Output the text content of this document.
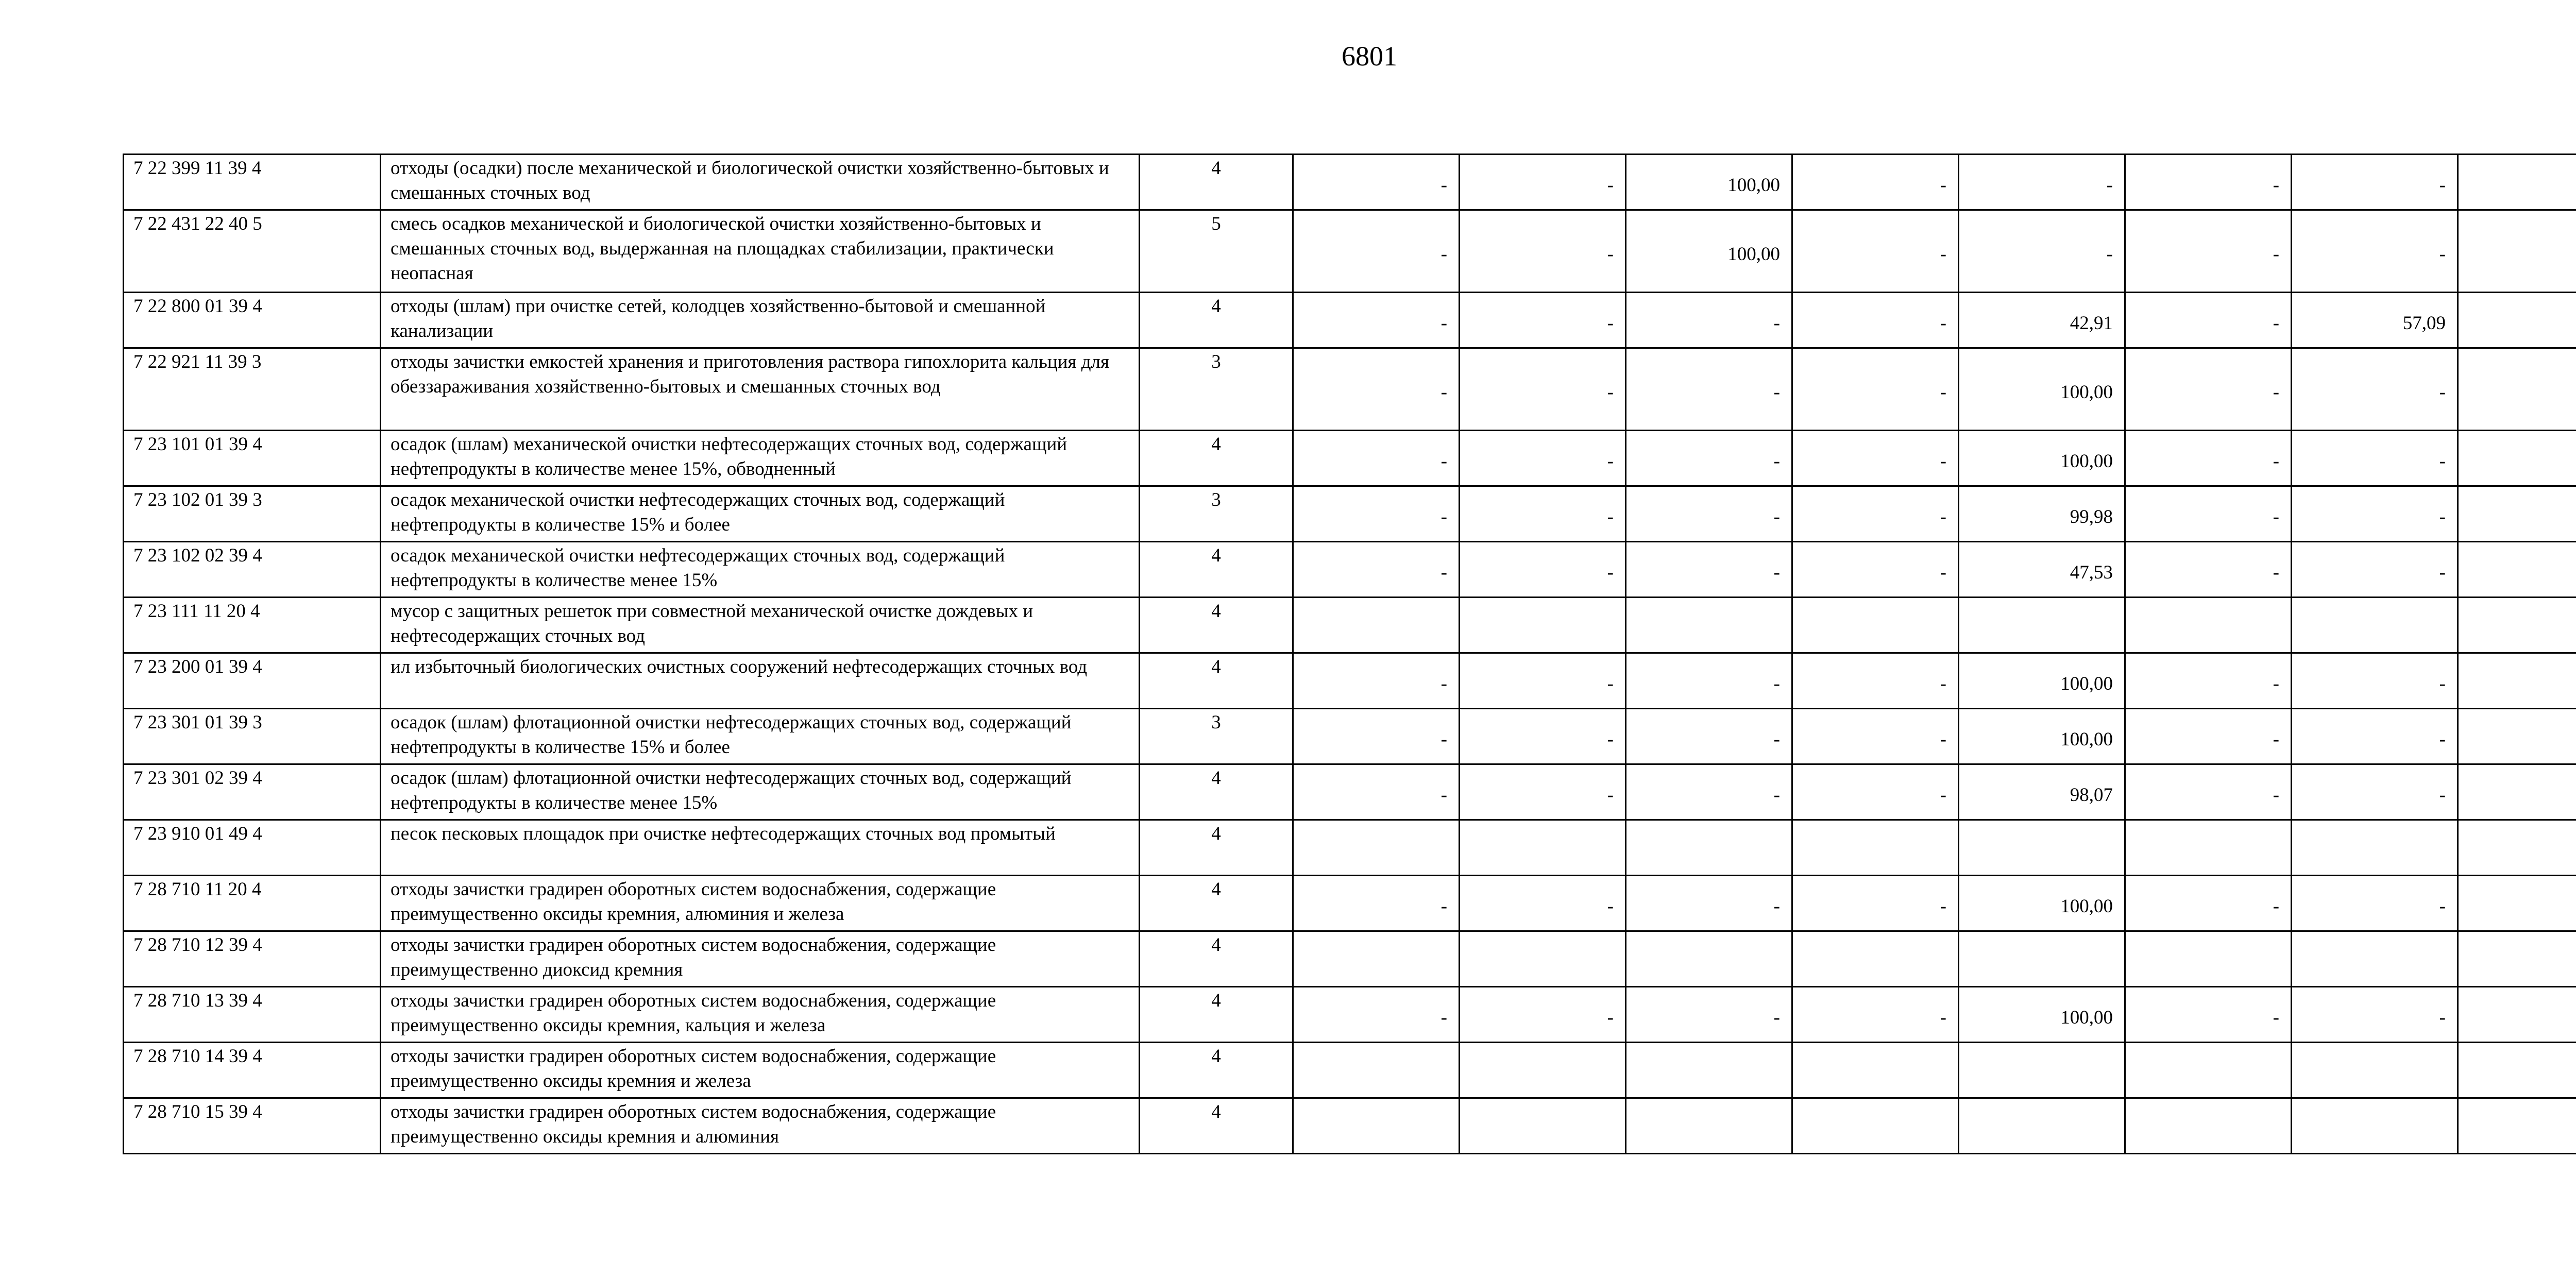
6801
7 22 399 11 39 4	отходы (осадки) после механической и биологической очистки хозяйственно-бытовых и смешанных сточных вод	4	-	-	100,00	-	-	-	-	
7 22 431 22 40 5	смесь осадков механической и биологической очистки хозяйственно-бытовых и смешанных сточных вод, выдержанная на площадках стабилизации, практически неопасная	5	-	-	100,00	-	-	-	-	
7 22 800 01 39 4	отходы (шлам) при очистке сетей, колодцев хозяйственно-бытовой и смешанной канализации	4	-	-	-	-	42,91	-	57,09	
7 22 921 11 39 3	отходы зачистки емкостей хранения и приготовления раствора гипохлорита кальция для обеззараживания хозяйственно-бытовых и смешанных сточных вод	3	-	-	-	-	100,00	-	-	
7 23 101 01 39 4	осадок (шлам) механической очистки нефтесодержащих сточных вод, содержащий нефтепродукты в количестве менее 15%, обводненный	4	-	-	-	-	100,00	-	-	
7 23 102 01 39 3	осадок механической очистки нефтесодержащих сточных вод, содержащий нефтепродукты в количестве 15% и более	3	-	-	-	-	99,98	-	-	
7 23 102 02 39 4	осадок механической очистки нефтесодержащих сточных вод, содержащий нефтепродукты в количестве менее 15%	4	-	-	-	-	47,53	-	-	
7 23 111 11 20 4	мусор с защитных решеток при совместной механической очистке дождевых и нефтесодержащих сточных вод	4								
7 23 200 01 39 4	ил избыточный биологических очистных сооружений нефтесодержащих сточных вод	4	-	-	-	-	100,00	-	-	
7 23 301 01 39 3	осадок (шлам) флотационной очистки нефтесодержащих сточных вод, содержащий нефтепродукты в количестве 15% и более	3	-	-	-	-	100,00	-	-	
7 23 301 02 39 4	осадок (шлам) флотационной очистки нефтесодержащих сточных вод, содержащий нефтепродукты в количестве менее 15%	4	-	-	-	-	98,07	-	-	
7 23 910 01 49 4	песок песковых площадок при очистке нефтесодержащих сточных вод промытый	4								
7 28 710 11 20 4	отходы зачистки градирен оборотных систем водоснабжения, содержащие преимущественно оксиды кремния, алюминия и железа	4	-	-	-	-	100,00	-	-	
7 28 710 12 39 4	отходы зачистки градирен оборотных систем водоснабжения, содержащие преимущественно диоксид кремния	4								
7 28 710 13 39 4	отходы зачистки градирен оборотных систем водоснабжения, содержащие преимущественно оксиды кремния, кальция и железа	4	-	-	-	-	100,00	-	-	
7 28 710 14 39 4	отходы зачистки градирен оборотных систем водоснабжения, содержащие преимущественно оксиды кремния и железа	4								
7 28 710 15 39 4	отходы зачистки градирен оборотных систем водоснабжения, содержащие преимущественно оксиды кремния и алюминия	4								
